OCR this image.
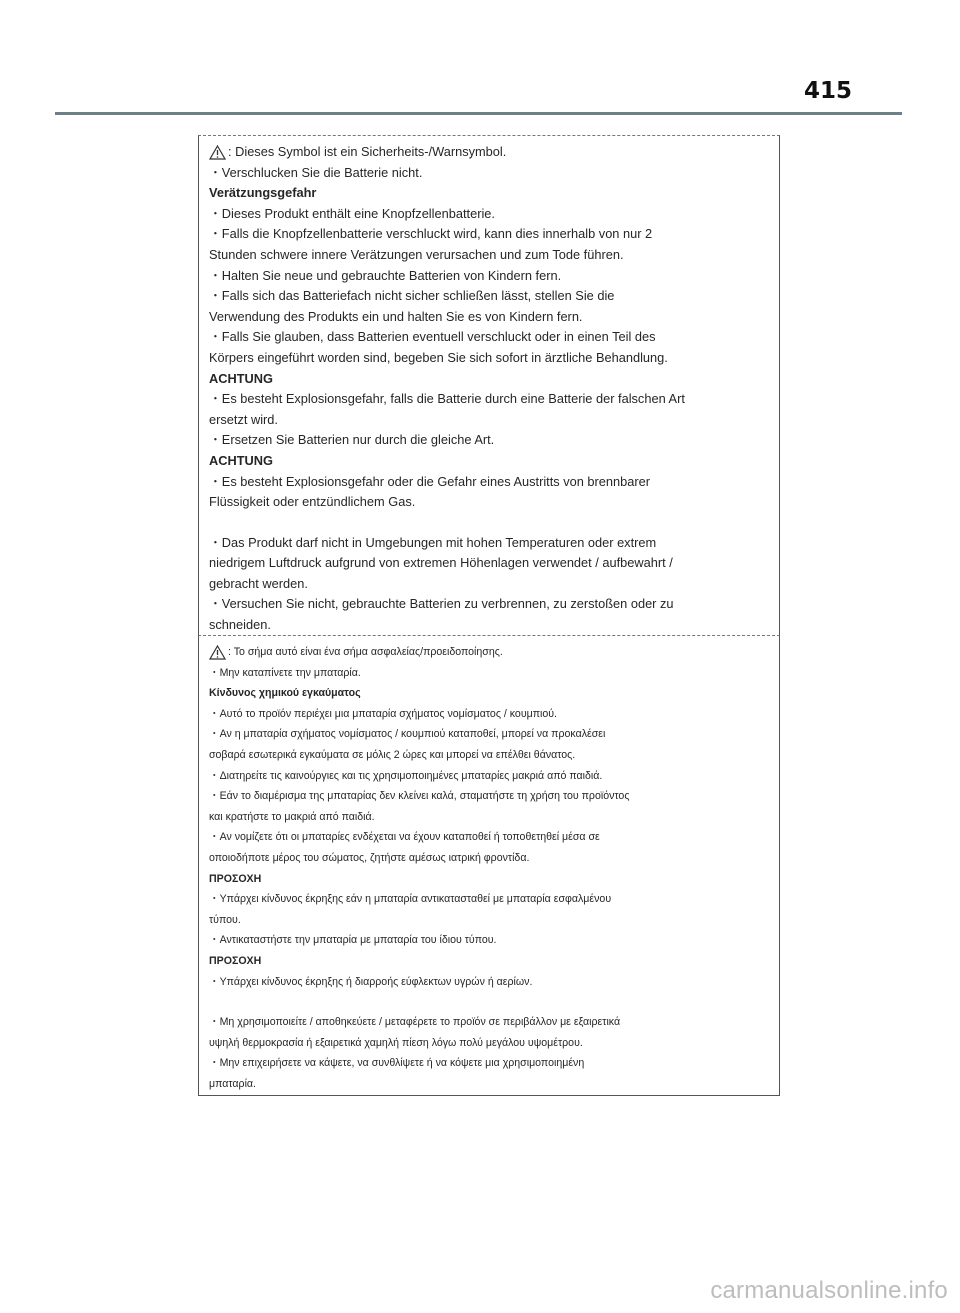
415
: Dieses Symbol ist ein Sicherheits-/Warnsymbol.
・Verschlucken Sie die Batterie nicht.
Verätzungsgefahr
・Dieses Produkt enthält eine Knopfzellenbatterie.
・Falls die Knopfzellenbatterie verschluckt wird, kann dies innerhalb von nur 2
Stunden schwere innere Verätzungen verursachen und zum Tode führen.
・Halten Sie neue und gebrauchte Batterien von Kindern fern.
・Falls sich das Batteriefach nicht sicher schließen lässt, stellen Sie die
Verwendung des Produkts ein und halten Sie es von Kindern fern.
・Falls Sie glauben, dass Batterien eventuell verschluckt oder in einen Teil des
Körpers eingeführt worden sind, begeben Sie sich sofort in ärztliche Behandlung.
ACHTUNG
・Es besteht Explosionsgefahr, falls die Batterie durch eine Batterie der falschen Art
ersetzt wird.
・Ersetzen Sie Batterien nur durch die gleiche Art.
ACHTUNG
・Es besteht Explosionsgefahr oder die Gefahr eines Austritts von brennbarer
Flüssigkeit oder entzündlichem Gas.
・Das Produkt darf nicht in Umgebungen mit hohen Temperaturen oder extrem
niedrigem Luftdruck aufgrund von extremen Höhenlagen verwendet / aufbewahrt /
gebracht werden.
・Versuchen Sie nicht, gebrauchte Batterien zu verbrennen, zu zerstoßen oder zu
schneiden.
: Το σήμα αυτό είναι ένα σήμα ασφαλείας/προειδοποίησης.
・Μην καταπίνετε την μπαταρία.
Κίνδυνος χημικού εγκαύματος
・Αυτό το προϊόν περιέχει μια μπαταρία σχήματος νομίσματος / κουμπιού.
・Αν η μπαταρία σχήματος νομίσματος / κουμπιού καταποθεί, μπορεί να προκαλέσει
σοβαρά εσωτερικά εγκαύματα σε μόλις 2 ώρες και μπορεί να επέλθει θάνατος.
・Διατηρείτε τις καινούργιες και τις χρησιμοποιημένες μπαταρίες μακριά από παιδιά.
・Εάν το διαμέρισμα της μπαταρίας δεν κλείνει καλά, σταματήστε τη χρήση του προϊόντος
και κρατήστε το μακριά από παιδιά.
・Αν νομίζετε ότι οι μπαταρίες ενδέχεται να έχουν καταποθεί ή τοποθετηθεί μέσα σε
οποιοδήποτε μέρος του σώματος, ζητήστε αμέσως ιατρική φροντίδα.
ΠΡΟΣΟΧΗ
・Υπάρχει κίνδυνος έκρηξης εάν η μπαταρία αντικατασταθεί με μπαταρία εσφαλμένου
τύπου.
・Αντικαταστήστε την μπαταρία με μπαταρία του ίδιου τύπου.
ΠΡΟΣΟΧΗ
・Υπάρχει κίνδυνος έκρηξης ή διαρροής εύφλεκτων υγρών ή αερίων.
・Μη χρησιμοποιείτε / αποθηκεύετε / μεταφέρετε το προϊόν σε περιβάλλον με εξαιρετικά
υψηλή θερμοκρασία ή εξαιρετικά χαμηλή πίεση λόγω πολύ μεγάλου υψομέτρου.
・Μην επιχειρήσετε να κάψετε, να συνθλίψετε ή να κόψετε μια χρησιμοποιημένη
μπαταρία.
carmanualsonline.info
